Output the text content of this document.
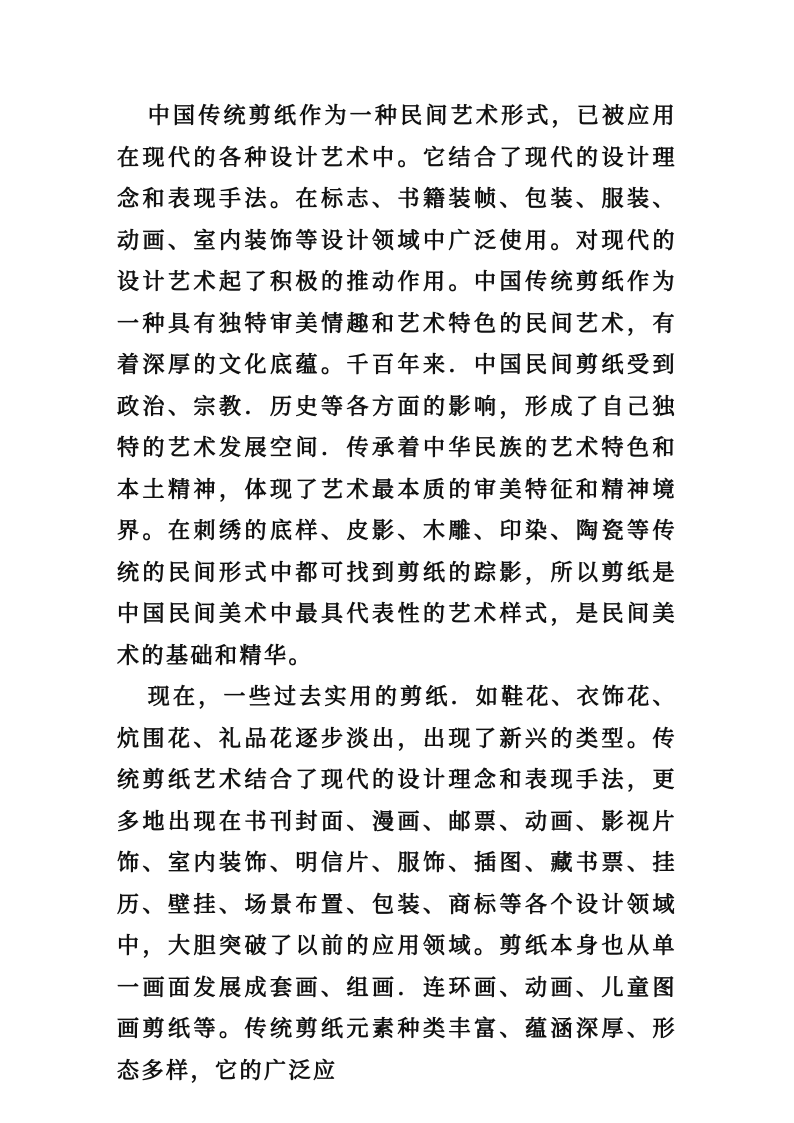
中国传统剪纸作为一种民间艺术形式，已被应用在现代的各种设计艺术中。它结合了现代的设计理念和表现手法。在标志、书籍装帧、包装、服装、动画、室内装饰等设计领域中广泛使用。对现代的设计艺术起了积极的推动作用。中国传统剪纸作为一种具有独特审美情趣和艺术特色的民间艺术，有着深厚的文化底蕴。千百年来．中国民间剪纸受到政治、宗教．历史等各方面的影响，形成了自己独特的艺术发展空间．传承着中华民族的艺术特色和本土精神，体现了艺术最本质的审美特征和精神境界。在刺绣的底样、皮影、木雕、印染、陶瓷等传统的民间形式中都可找到剪纸的踪影，所以剪纸是中国民间美术中最具代表性的艺术样式，是民间美术的基础和精华。

现在，一些过去实用的剪纸．如鞋花、衣饰花、炕围花、礼品花逐步淡出，出现了新兴的类型。传统剪纸艺术结合了现代的设计理念和表现手法，更多地出现在书刊封面、漫画、邮票、动画、影视片饰、室内装饰、明信片、服饰、插图、藏书票、挂历、壁挂、场景布置、包装、商标等各个设计领域中，大胆突破了以前的应用领域。剪纸本身也从单一画面发展成套画、组画．连环画、动画、儿童图画剪纸等。传统剪纸元素种类丰富、蕴涵深厚、形态多样，它的广泛应
